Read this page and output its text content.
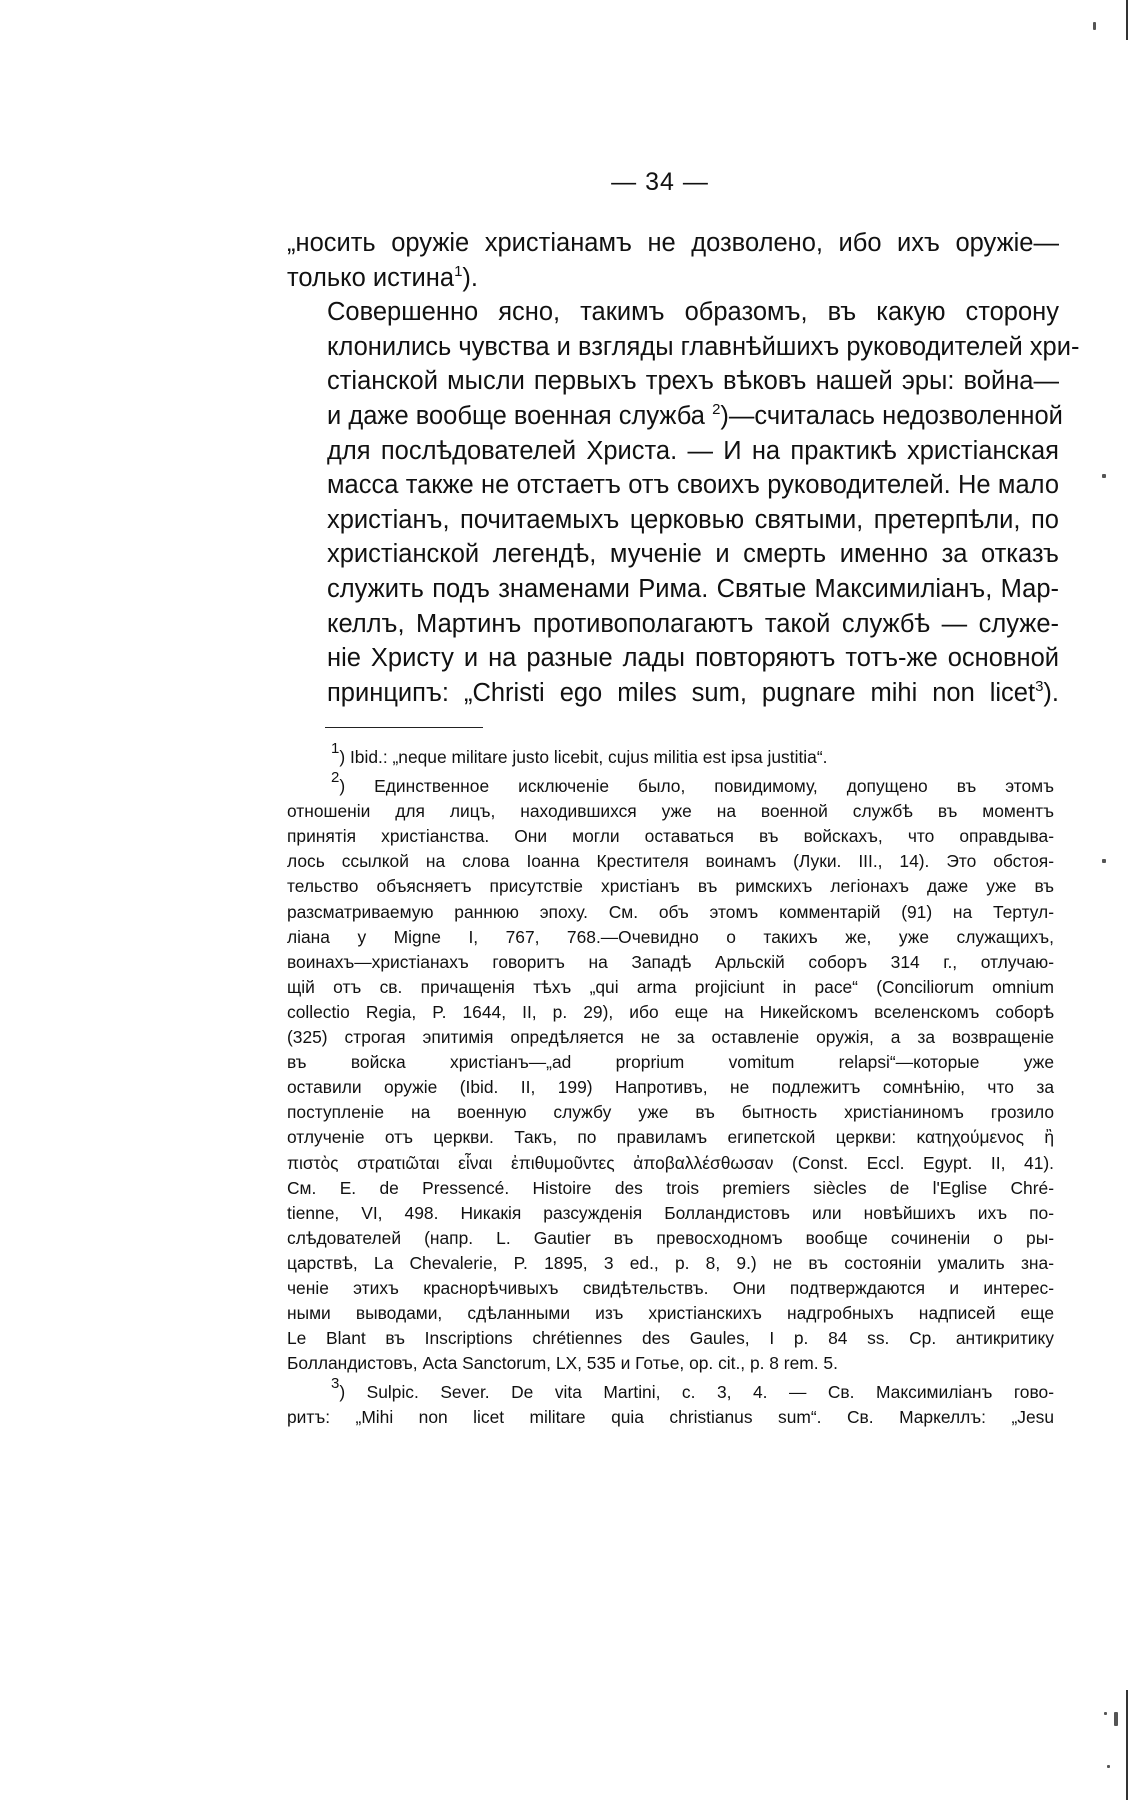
— 34 —

„носить оружіе христіанамъ не дозволено, ибо ихъ оружіе—
только истина$^1$).

Совершенно ясно, такимъ образомъ, въ какую сторону
клонились чувства и взгляды главнѣйшихъ руководителей хри-
стіанской мысли первыхъ трехъ вѣковъ нашей эры: война—
и даже вообще военная служба $^2$)—считалась недозволенной
для послѣдователей Христа. — И на практикѣ христіанская
масса также не отстаетъ отъ своихъ руководителей. Не мало
христіанъ, почитаемыхъ церковью святыми, претерпѣли, по
христіанской легендѣ, мученіе и смерть именно за отказъ
служить подъ знаменами Рима. Святые Максимиліанъ, Мар-
келлъ, Мартинъ противополагаютъ такой службѣ — служе-
ніе Христу и на разные лады повторяютъ тотъ-же основной
принципъ: „Christi ego miles sum, pugnare mihi non licet$^3$).

$^1$) Ibid.: „neque militare justo licebit, cujus militia est ipsa justitia“.
$^2$) Единственное исключеніе было, повидимому, допущено въ этомъ
отношеніи для лицъ, находившихся уже на военной службѣ въ моментъ
принятія христіанства. Они могли оставаться въ войскахъ, что оправдыва-
лось ссылкой на слова Іоанна Крестителя воинамъ (Луки. III., 14). Это обстоя-
тельство объясняетъ присутствіе христіанъ въ римскихъ легіонахъ даже уже въ
разсматриваемую раннюю эпоху. См. объ этомъ комментарій (91) на Тертул-
ліана у Migne I, 767, 768.—Очевидно о такихъ же, уже служащихъ,
воинахъ—христіанахъ говоритъ на Западѣ Арльскій соборъ 314 г., отлучаю-
щій отъ св. причащенія тѣхъ „qui arma projiciunt in pace“ (Conciliorum omnium
collectio Regia, P. 1644, II, p. 29), ибо еще на Никейскомъ вселенскомъ соборѣ
(325) строгая эпитимія опредѣляется не за оставленіе оружія, а за возвращеніе
въ войска христіанъ—„ad proprium vomitum relapsi“—которые уже
оставили оружіе (Ibid. II, 199) Напротивъ, не подлежитъ сомнѣнію, что за
поступленіе на военную службу уже въ бытность христіаниномъ грозило
отлученіе отъ церкви. Такъ, по правиламъ египетской церкви: κατηχούμενος ἢ
πιστὸς στρατιῶται εἶναι ἐπιθυμοῦντες ἀποβαλλέσθωσαν (Const. Eccl. Egypt. II, 41).
См. E. de Pressencé. Histoire des trois premiers siècles de l'Eglise Chré-
tienne, VI, 498. Никакія разсужденія Болландистовъ или новѣйшихъ ихъ по-
слѣдователей (напр. L. Gautier въ превосходномъ вообще сочиненіи о ры-
царствѣ, La Chevalerie, P. 1895, 3 ed., p. 8, 9.) не въ состояніи умалить зна-
ченіе этихъ краснорѣчивыхъ свидѣтельствъ. Они подтверждаются и интерес-
ными выводами, сдѣланными изъ христіанскихъ надгробныхъ надписей еще
Le Blant въ Inscriptions chrétiennes des Gaules, I p. 84 ss. Cp. антикритику
Болландистовъ, Acta Sanctorum, LX, 535 и Готье, op. cit., p. 8 rem. 5.
$^3$) Sulpic. Sever. De vita Martini, c. 3, 4. — Св. Максимиліанъ гово-
ритъ: „Mihi non licet militare quia christianus sum“. Св. Маркеллъ: „Jesu
